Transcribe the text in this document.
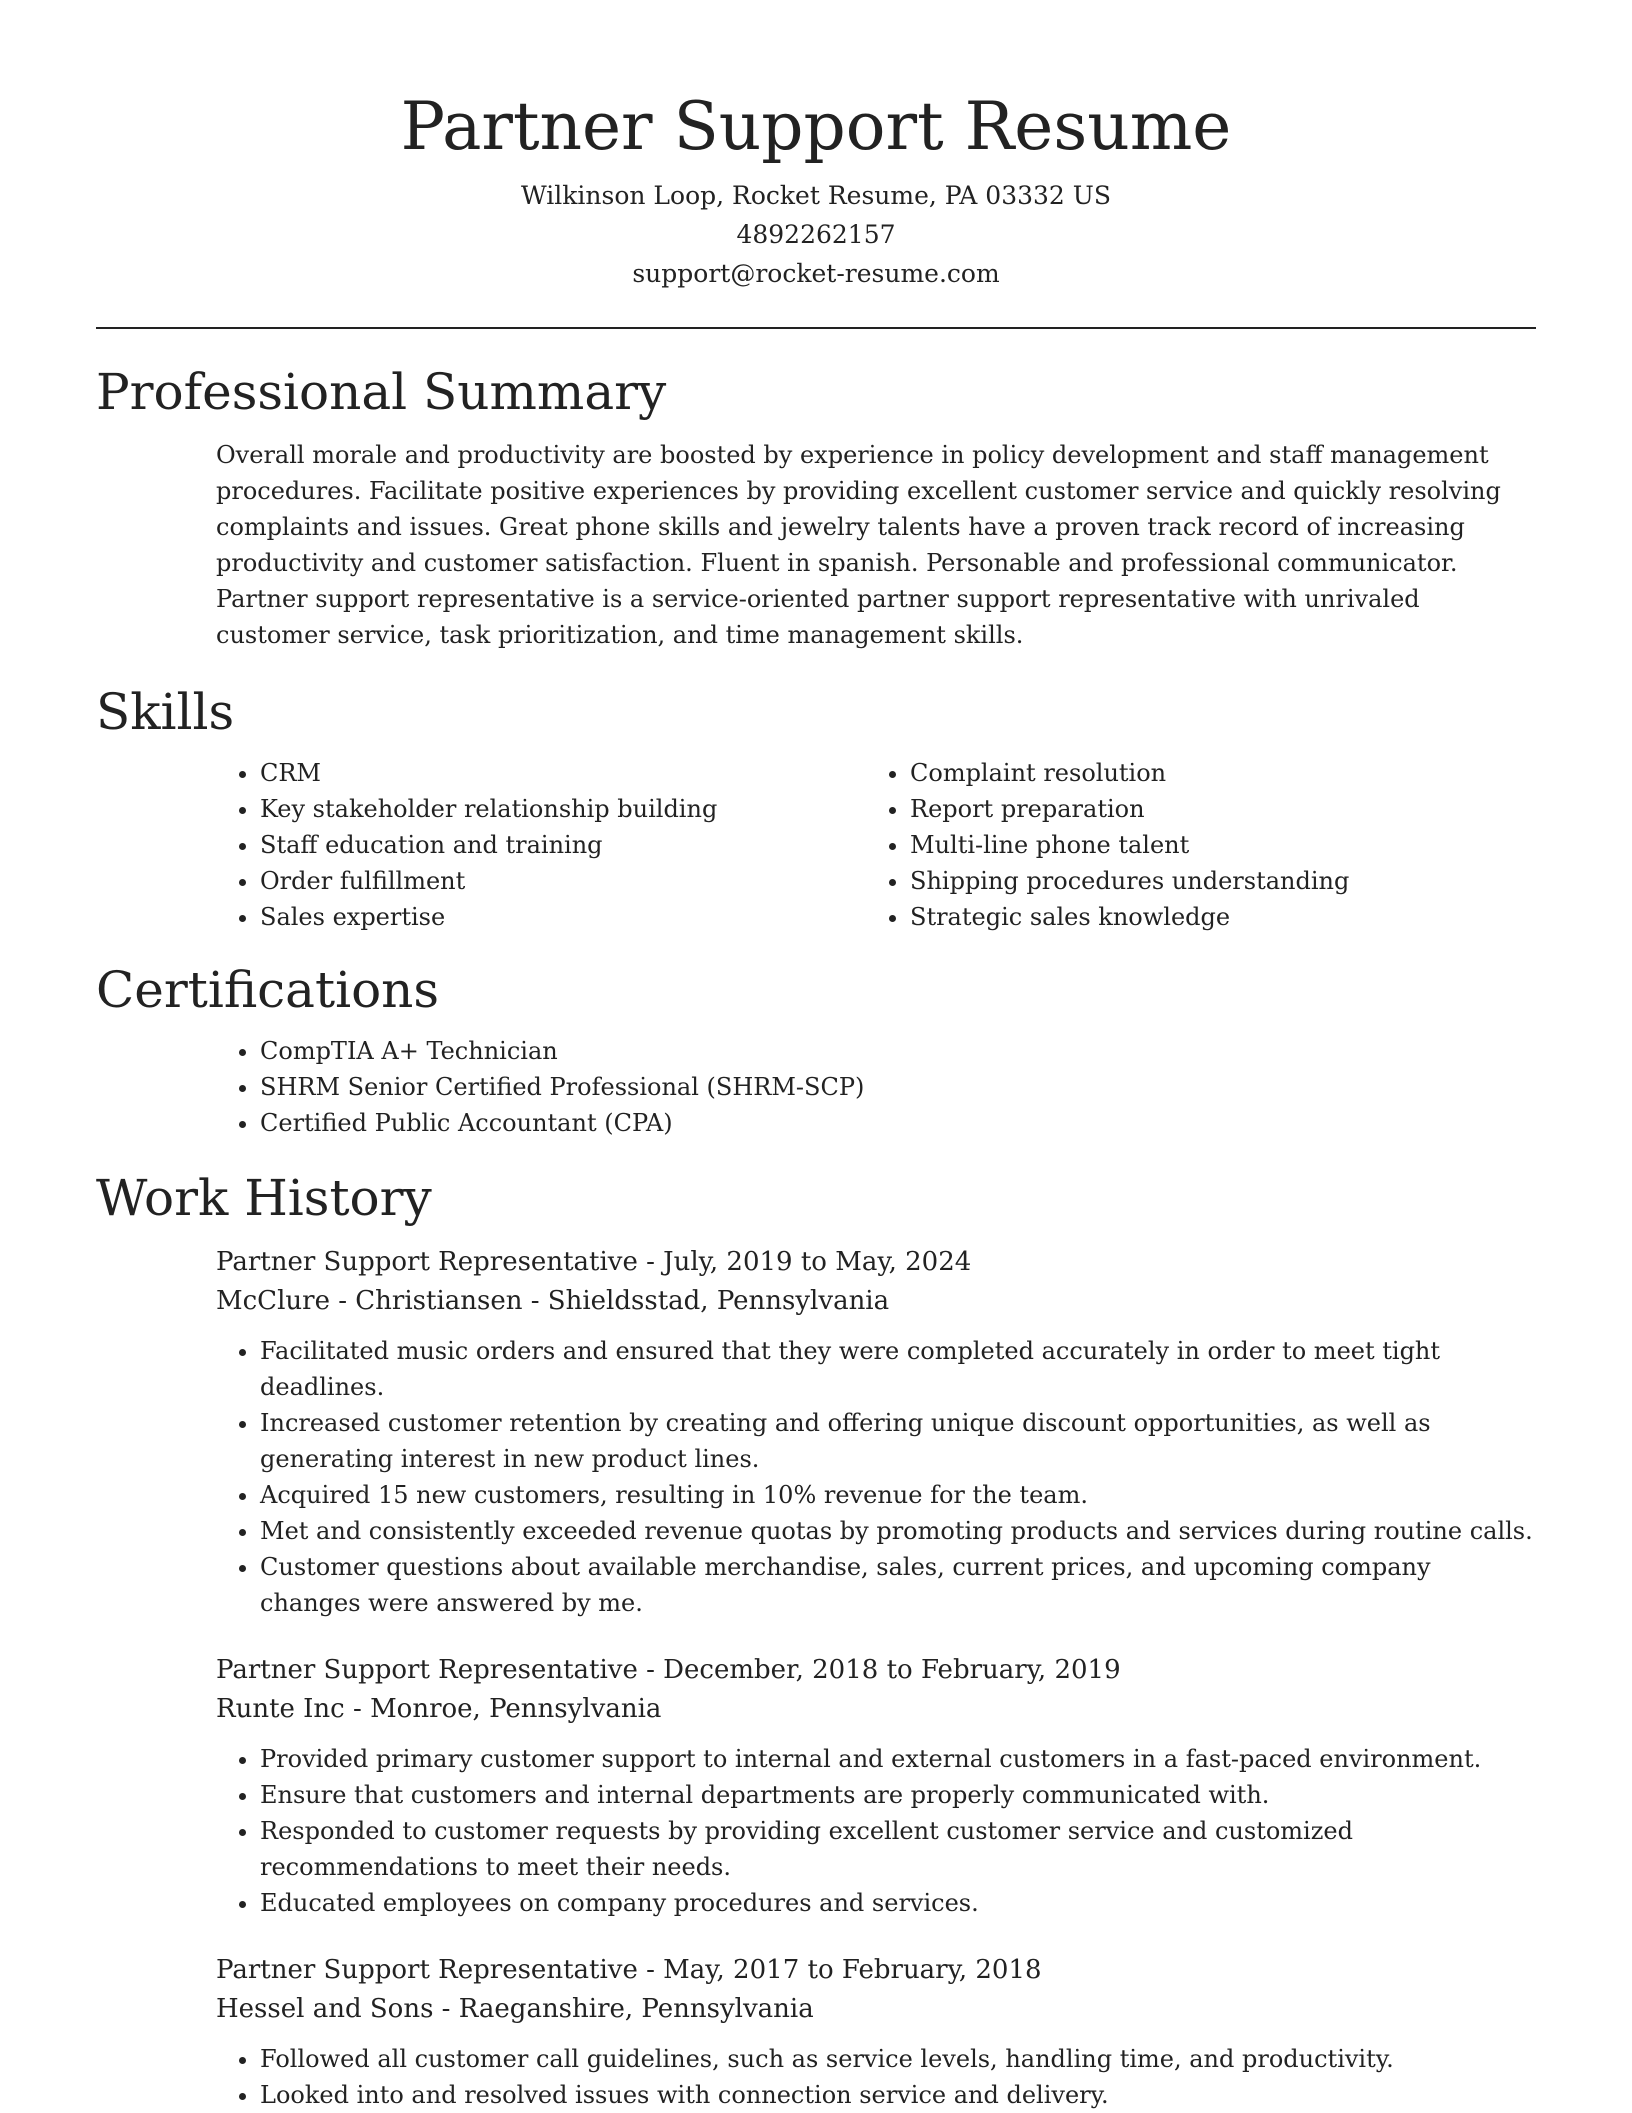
Partner Support Resume

Wilkinson Loop, Rocket Resume, PA 03332 US

4892262157

support@rocket-resume.com

Professional Summary

Overall morale and productivity are boosted by experience in policy development and staff management procedures. Facilitate positive experiences by providing excellent customer service and quickly resolving complaints and issues. Great phone skills and jewelry talents have a proven track record of increasing productivity and customer satisfaction. Fluent in spanish. Personable and professional communicator. Partner support representative is a service-oriented partner support representative with unrivaled customer service, task prioritization, and time management skills.

Skills
• CRM
• Key stakeholder relationship building
• Staff education and training
• Order fulfillment
• Sales expertise
• Complaint resolution
• Report preparation
• Multi-line phone talent
• Shipping procedures understanding
• Strategic sales knowledge
Certifications
• CompTIA A+ Technician
• SHRM Senior Certified Professional (SHRM-SCP)
• Certified Public Accountant (CPA)
Work History

Partner Support Representative - July, 2019 to May, 2024

McClure - Christiansen - Shieldsstad, Pennsylvania

• Facilitated music orders and ensured that they were completed accurately in order to meet tight deadlines.
• Increased customer retention by creating and offering unique discount opportunities, as well as generating interest in new product lines.
• Acquired 15 new customers, resulting in 10% revenue for the team.
• Met and consistently exceeded revenue quotas by promoting products and services during routine calls.
• Customer questions about available merchandise, sales, current prices, and upcoming company changes were answered by me.

Partner Support Representative - December, 2018 to February, 2019

Runte Inc - Monroe, Pennsylvania

• Provided primary customer support to internal and external customers in a fast-paced environment.
• Ensure that customers and internal departments are properly communicated with.
• Responded to customer requests by providing excellent customer service and customized recommendations to meet their needs.
• Educated employees on company procedures and services.

Partner Support Representative - May, 2017 to February, 2018

Hessel and Sons - Raeganshire, Pennsylvania

• Followed all customer call guidelines, such as service levels, handling time, and productivity.
• Looked into and resolved issues with connection service and delivery.
